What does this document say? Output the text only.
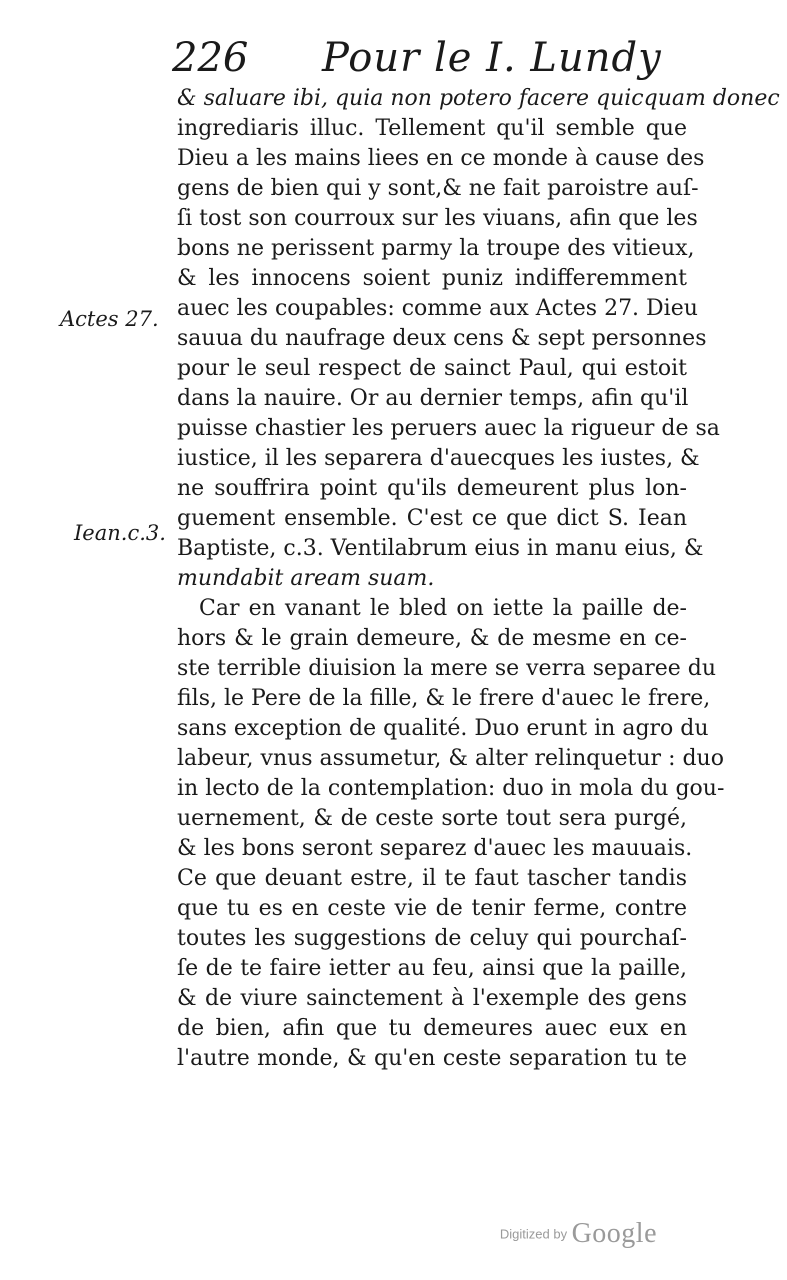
226 Pour le I. Lundy
Actes 27.
Iean.c.3.
& saluare ibi, quia non potero facere quicquam donec
ingrediaris illuc. Tellement qu'il semble que
Dieu a les mains liees en ce monde à cause des
gens de bien qui y sont,& ne fait paroistre auſ-
ſi tost son courroux sur les viuans, afin que les
bons ne perissent parmy la troupe des vitieux,
& les innocens soient puniz indifferemment
auec les coupables: comme aux Actes 27. Dieu
sauua du naufrage deux cens & sept personnes
pour le seul respect de sainct Paul, qui estoit
dans la nauire. Or au dernier temps, afin qu'il
puisse chastier les peruers auec la rigueur de sa
iustice, il les separera d'auecques les iustes, &
ne souffrira point qu'ils demeurent plus lon-
guement ensemble. C'est ce que dict S. Iean
Baptiste, c.3. Ventilabrum eius in manu eius, &
mundabit aream suam.
Car en vanant le bled on iette la paille de-
hors & le grain demeure, & de mesme en ce-
ste terrible diuision la mere se verra separee du
fils, le Pere de la fille, & le frere d'auec le frere,
sans exception de qualité. Duo erunt in agro du
labeur, vnus assumetur, & alter relinquetur : duo
in lecto de la contemplation: duo in mola du gou-
uernement, & de ceste sorte tout sera purgé,
& les bons seront separez d'auec les mauuais.
Ce que deuant estre, il te faut tascher tandis
que tu es en ceste vie de tenir ferme, contre
toutes les suggestions de celuy qui pourchaſ-
ſe de te faire ietter au feu, ainsi que la paille,
& de viure sainctement à l'exemple des gens
de bien, afin que tu demeures auec eux en
l'autre monde, & qu'en ceste separation tu te
Digitized by Google
